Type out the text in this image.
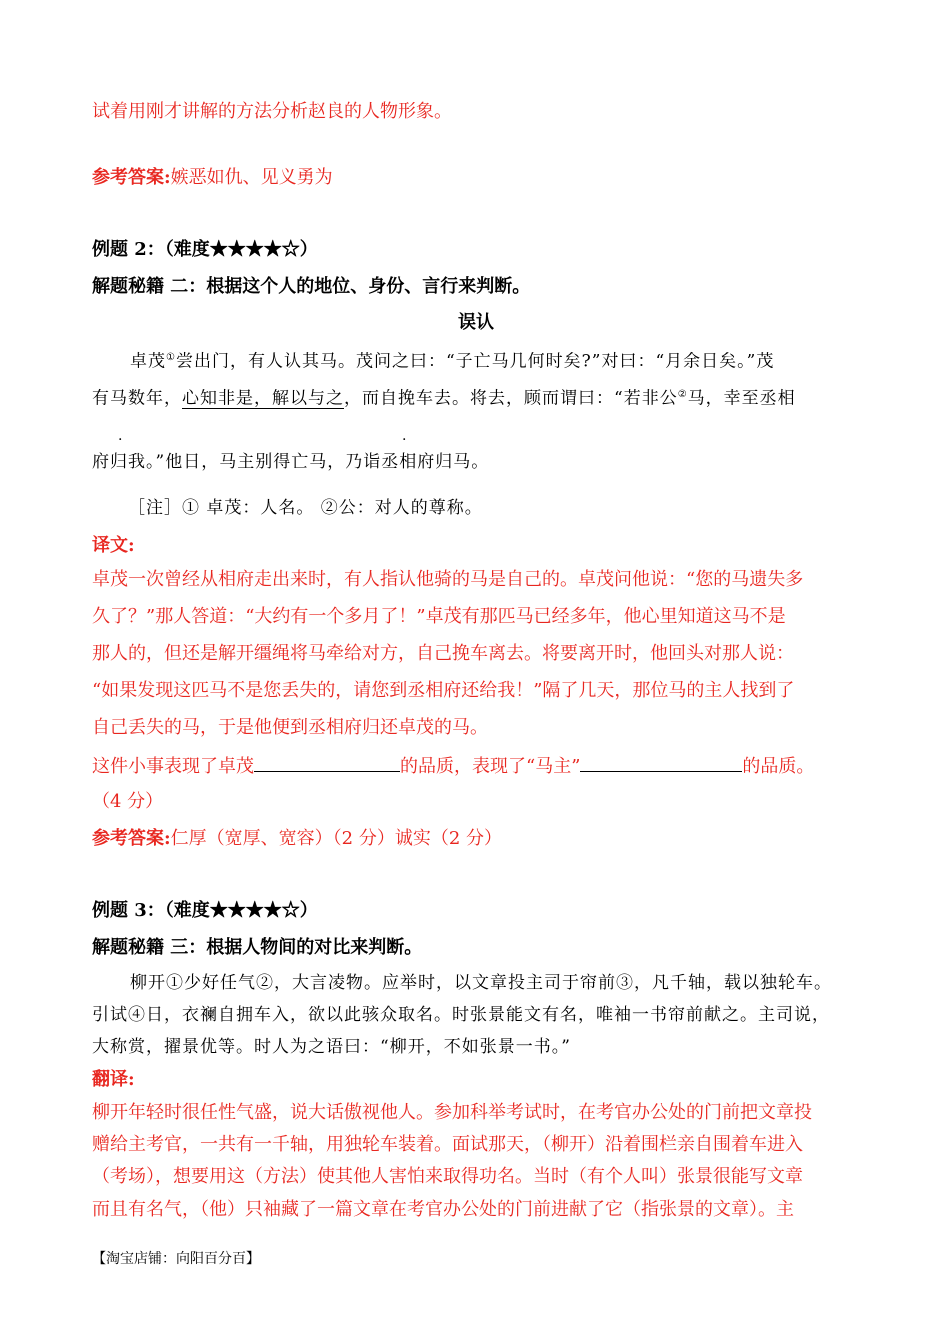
试着用刚才讲解的方法分析赵良的人物形象。
参考答案:嫉恶如仇、见义勇为
例题 2：（难度★★★★☆）
解题秘籍 二：根据这个人的地位、身份、言行来判断。
误认
卓茂①尝出门，有人认其马。茂问之曰：“子亡马几何时矣?”对曰：“月余日矣。”茂
有马数年，心知非是，解以与之，而自挽车去。将去，顾而谓曰：“若非公②马，幸至丞相
.	.
府归我。”他日，马主别得亡马，乃诣丞相府归马。
［注］① 卓茂：人名。 ②公：对人的尊称。
译文:
卓茂一次曾经从相府走出来时，有人指认他骑的马是自己的。卓茂问他说：“您的马遗失多
久了？”那人答道：“大约有一个多月了！”卓茂有那匹马已经多年，他心里知道这马不是
那人的，但还是解开缰绳将马牵给对方，自己挽车离去。将要离开时，他回头对那人说：
“如果发现这匹马不是您丢失的，请您到丞相府还给我！”隔了几天，那位马的主人找到了
自己丢失的马，于是他便到丞相府归还卓茂的马。
这件小事表现了卓茂	的品质，表现了“马主”	的品质。
（4 分）
参考答案:仁厚（宽厚、宽容）（2 分）诚实（2 分）
例题 3：（难度★★★★☆）
解题秘籍 三：根据人物间的对比来判断。
柳开①少好任气②，大言凌物。应举时，以文章投主司于帘前③，凡千轴，载以独轮车。
引试④日，衣襕自拥车入，欲以此骇众取名。时张景能文有名，唯袖一书帘前献之。主司说，
大称赏，擢景优等。时人为之语曰：“柳开，不如张景一书。”
翻译:
柳开年轻时很任性气盛，说大话傲视他人。参加科举考试时，在考官办公处的门前把文章投
赠给主考官，一共有一千轴，用独轮车装着。面试那天，（柳开）沿着围栏亲自围着车进入
（考场），想要用这（方法）使其他人害怕来取得功名。当时（有个人叫）张景很能写文章
而且有名气，（他）只袖藏了一篇文章在考官办公处的门前进献了它（指张景的文章）。主
【淘宝店铺：向阳百分百】
